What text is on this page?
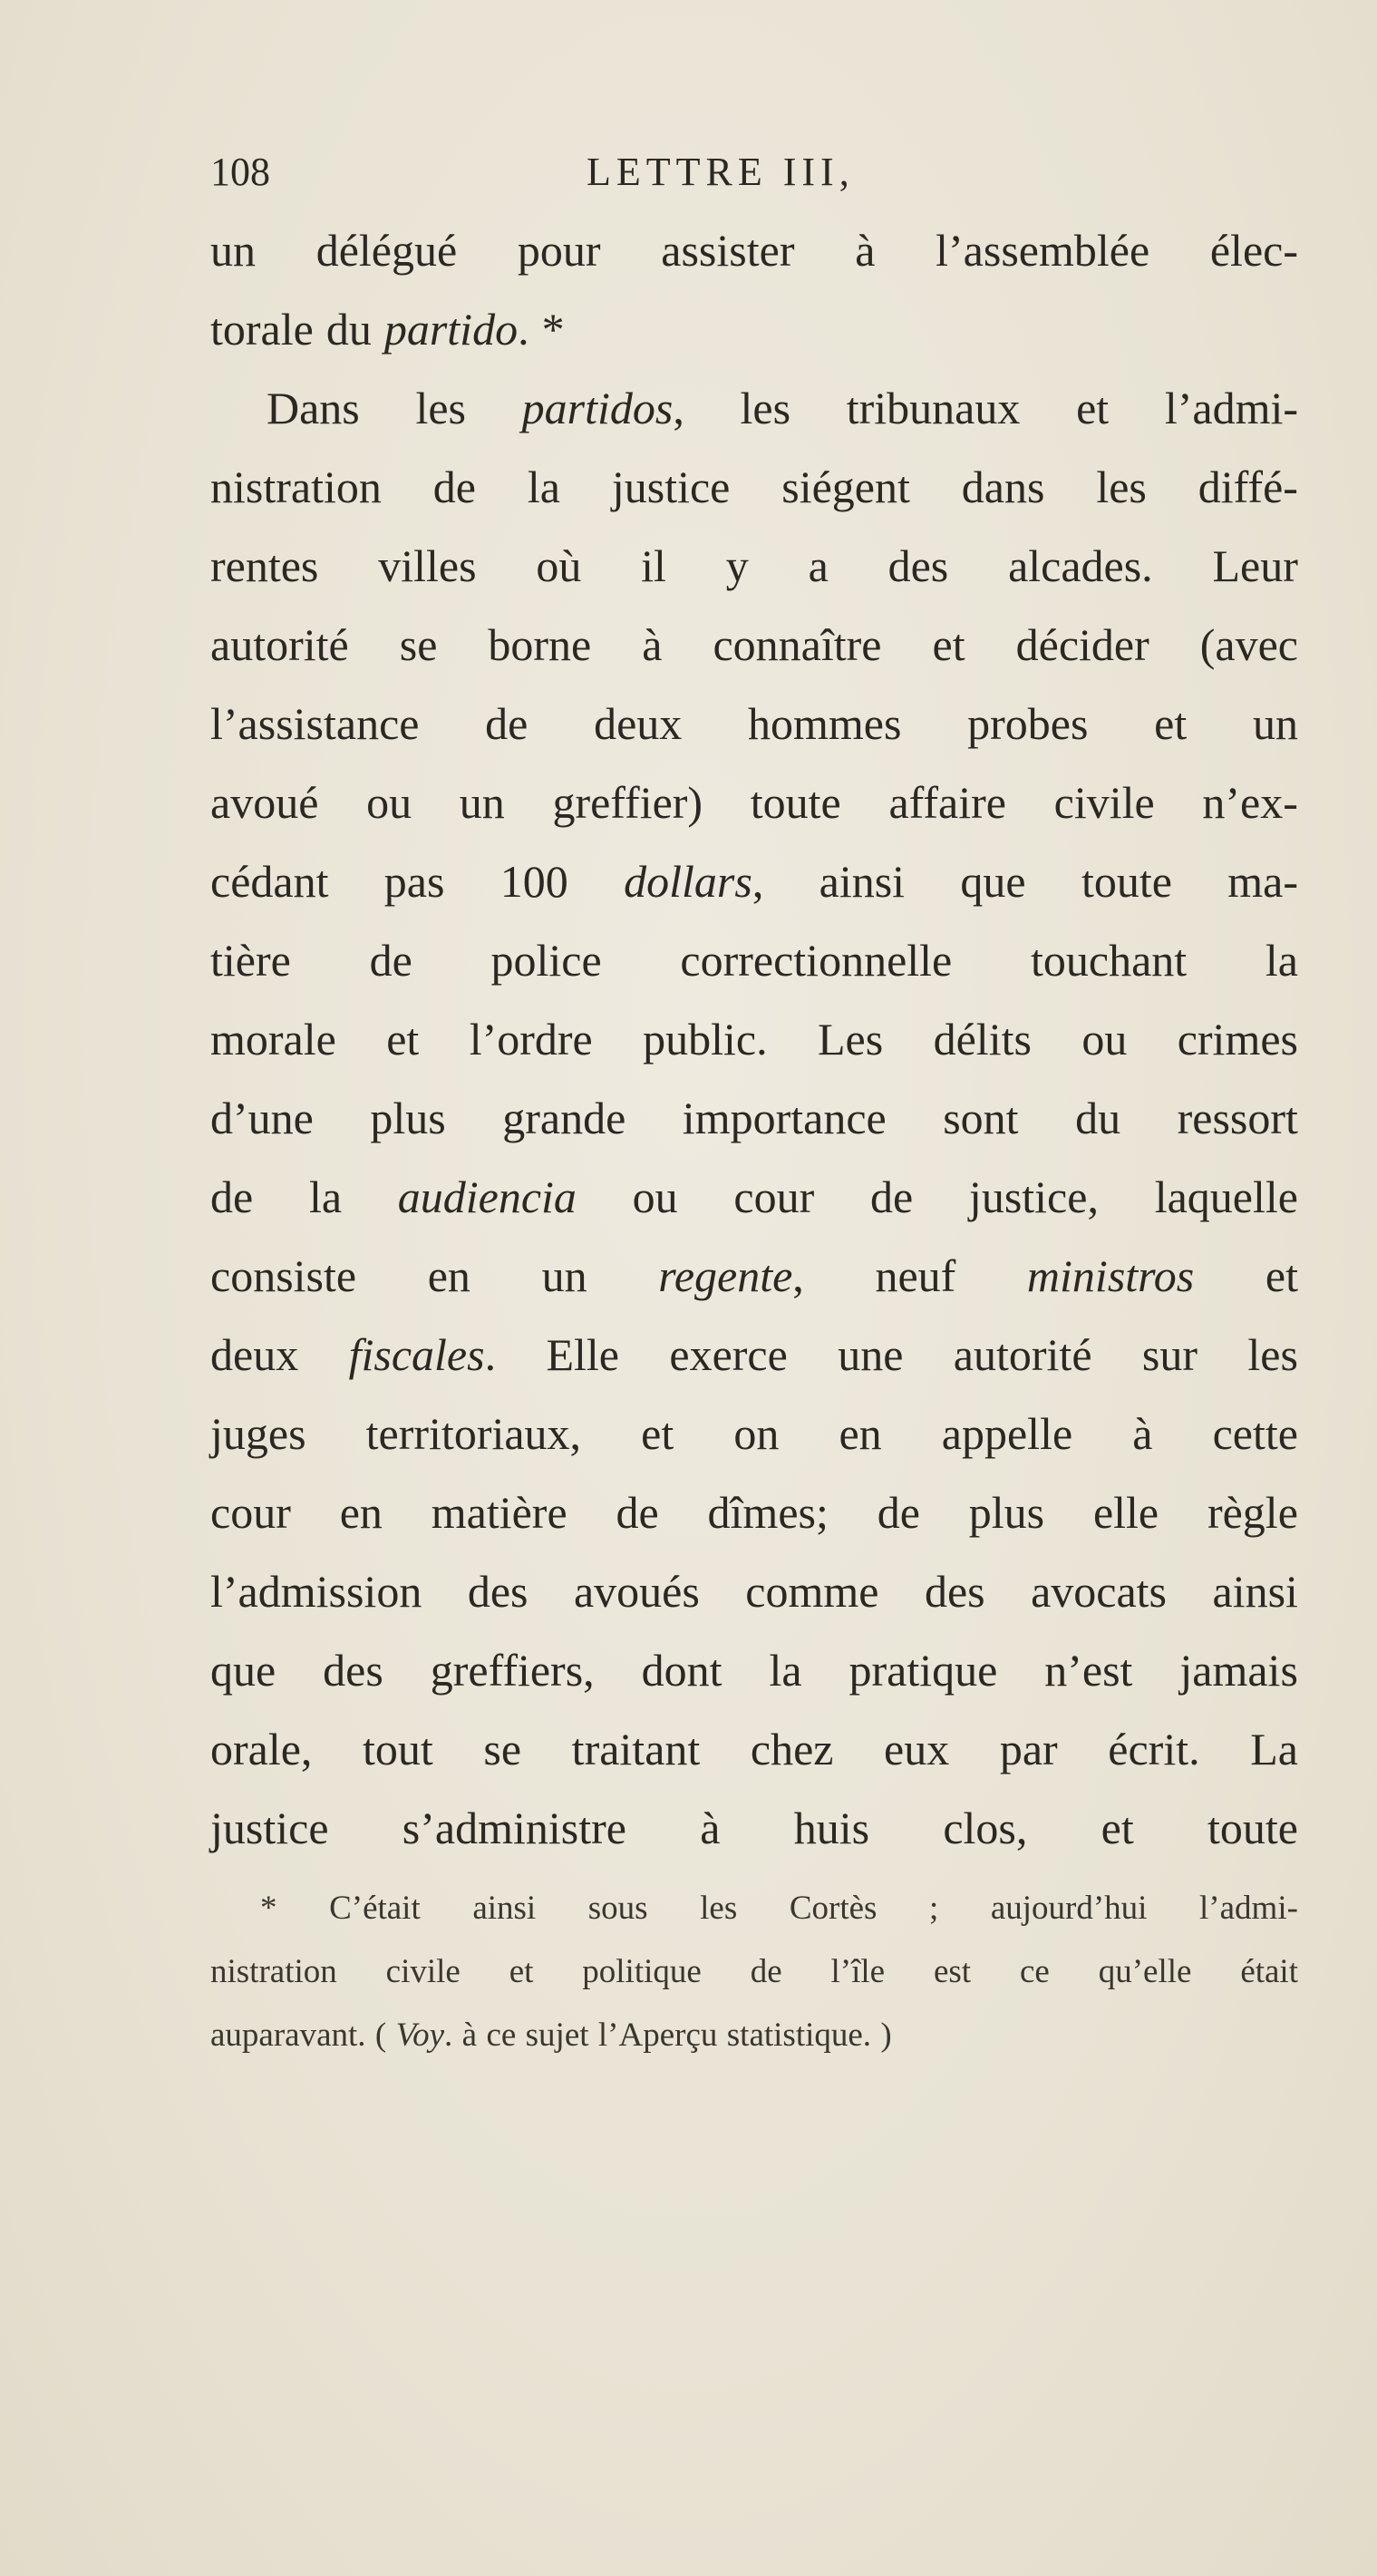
108	LETTRE III,
un délégué pour assister à l’assemblée élec-
torale du partido. *
Dans les partidos, les tribunaux et l’admi-
nistration de la justice siégent dans les diffé-
rentes villes où il y a des alcades. Leur
autorité se borne à connaître et décider (avec
l’assistance de deux hommes probes et un
avoué ou un greffier) toute affaire civile n’ex-
cédant pas 100 dollars, ainsi que toute ma-
tière de police correctionnelle touchant la
morale et l’ordre public. Les délits ou crimes
d’une plus grande importance sont du ressort
de la audiencia ou cour de justice, laquelle
consiste en un regente, neuf ministros et
deux fiscales. Elle exerce une autorité sur les
juges territoriaux, et on en appelle à cette
cour en matière de dîmes; de plus elle règle
l’admission des avoués comme des avocats ainsi
que des greffiers, dont la pratique n’est jamais
orale, tout se traitant chez eux par écrit. La
justice s’administre à huis clos, et toute
* C’était ainsi sous les Cortès ; aujourd’hui l’admi-
nistration civile et politique de l’île est ce qu’elle était
auparavant. ( Voy. à ce sujet l’Aperçu statistique. )
